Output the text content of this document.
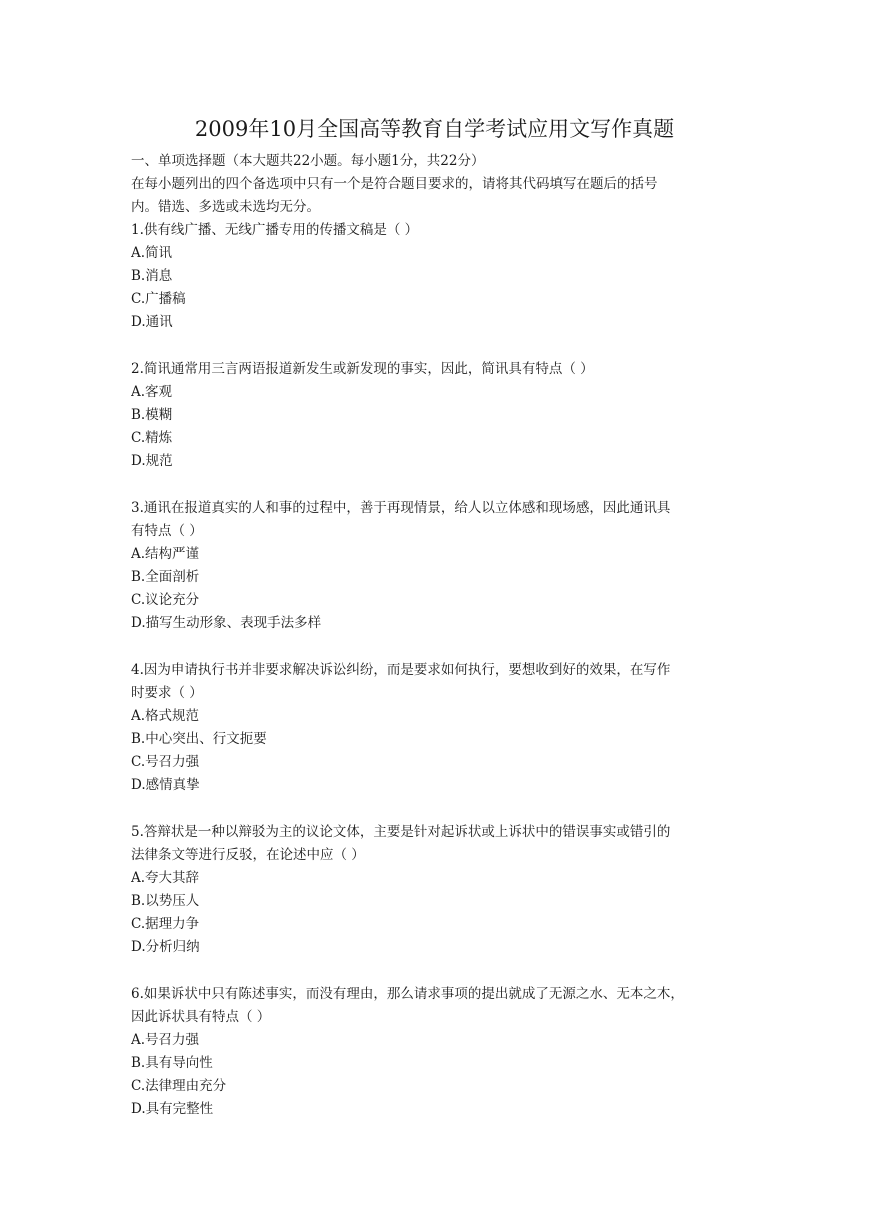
2009年10月全国高等教育自学考试应用文写作真题
一、单项选择题（本大题共22小题。每小题1分，共22分）
在每小题列出的四个备选项中只有一个是符合题目要求的，请将其代码填写在题后的括号
内。错选、多选或未选均无分。
1.供有线广播、无线广播专用的传播文稿是（ ）
A.简讯
B.消息
C.广播稿
D.通讯
2.简讯通常用三言两语报道新发生或新发现的事实，因此，简讯具有特点（ ）
A.客观
B.模糊
C.精炼
D.规范
3.通讯在报道真实的人和事的过程中，善于再现情景，给人以立体感和现场感，因此通讯具
有特点（ ）
A.结构严谨
B.全面剖析
C.议论充分
D.描写生动形象、表现手法多样
4.因为申请执行书并非要求解决诉讼纠纷，而是要求如何执行，要想收到好的效果，在写作
时要求（ ）
A.格式规范
B.中心突出、行文扼要
C.号召力强
D.感情真挚
5.答辩状是一种以辩驳为主的议论文体，主要是针对起诉状或上诉状中的错误事实或错引的
法律条文等进行反驳，在论述中应（ ）
A.夸大其辞
B.以势压人
C.据理力争
D.分析归纳
6.如果诉状中只有陈述事实，而没有理由，那么请求事项的提出就成了无源之水、无本之木，
因此诉状具有特点（ ）
A.号召力强
B.具有导向性
C.法律理由充分
D.具有完整性
